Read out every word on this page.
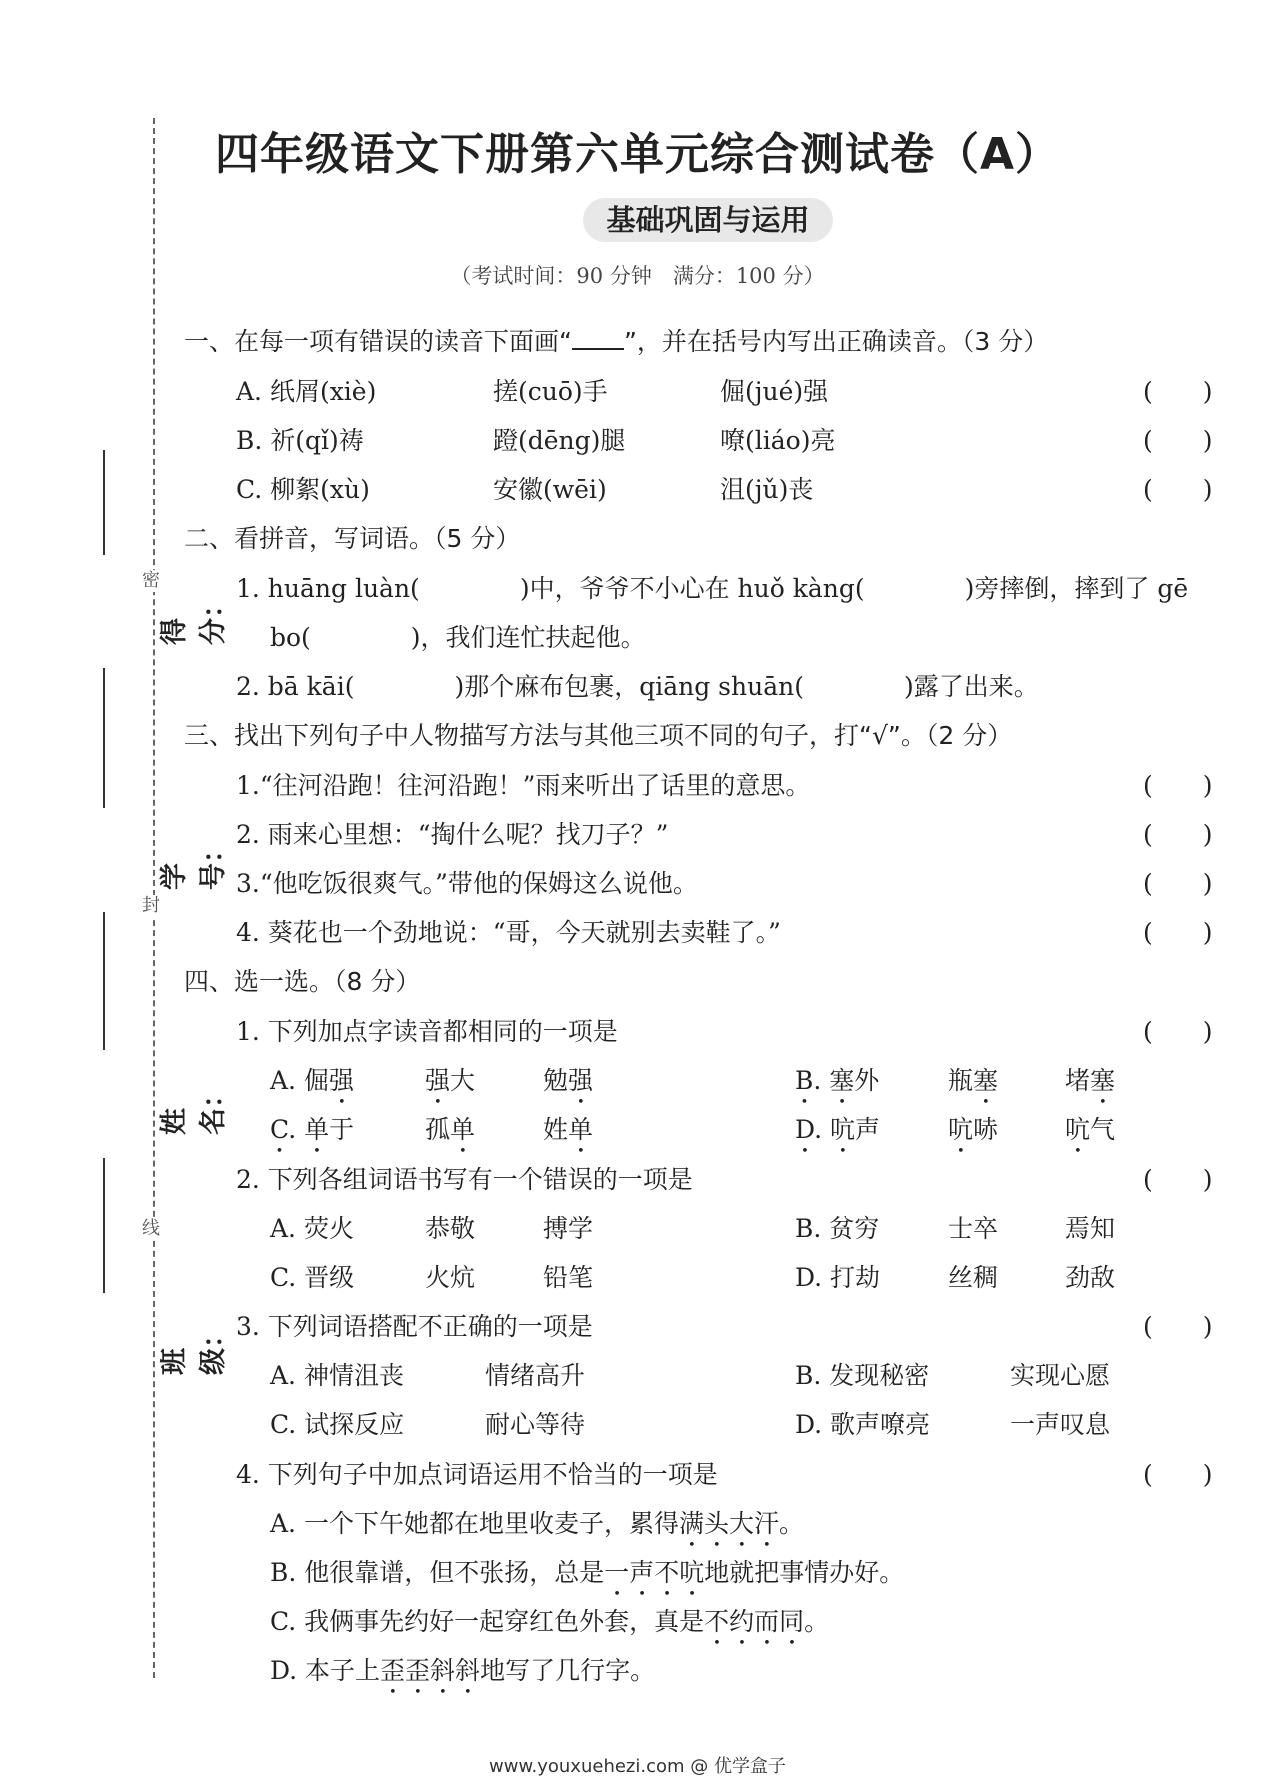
密
封
线
得分：
学号：
姓名：
班级：
四年级语文下册第六单元综合测试卷（A）
基础巩固与运用
（考试时间：90 分钟　满分：100 分）
一、在每一项有错误的读音下面画“ ”，并在括号内写出正确读音。（3 分）
A. 纸屑(xiè)	搓(cuō)手	倔(jué)强	(　　)
B. 祈(qǐ)祷	蹬(dēng)腿	嘹(liáo)亮	(　　)
C. 柳絮(xù)	安徽(wēi)	沮(jǔ)丧	(　　)
二、看拼音，写词语。（5 分）
1. huāng luàn(　　　　)中，爷爷不小心在 huǒ kàng(　　　　)旁摔倒，摔到了 gē
bo(　　　　)，我们连忙扶起他。
2. bā kāi(　　　　)那个麻布包裹，qiāng shuān(　　　　)露了出来。
三、找出下列句子中人物描写方法与其他三项不同的句子，打“√”。（2 分）
1.“往河沿跑！往河沿跑！”雨来听出了话里的意思。	(　　)
2. 雨来心里想：“掏什么呢？找刀子？”	(　　)
3.“他吃饭很爽气。”带他的保姆这么说他。	(　　)
4. 葵花也一个劲地说：“哥，今天就别去卖鞋了。”	(　　)
四、选一选。（8 分）
1. 下列加点字读音都相同的一项是	(　　)
A. 倔强	强大	勉强	B. 塞外	瓶塞	堵塞
C. 单于	孤单	姓单	D. 吭声	吭哧	吭气
2. 下列各组词语书写有一个错误的一项是	(　　)
A. 荧火	恭敬	搏学	B. 贫穷	士卒	焉知
C. 晋级	火炕	铅笔	D. 打劫	丝稠	劲敌
3. 下列词语搭配不正确的一项是	(　　)
A. 神情沮丧	情绪高升	B. 发现秘密	实现心愿
C. 试探反应	耐心等待	D. 歌声嘹亮	一声叹息
4. 下列句子中加点词语运用不恰当的一项是	(　　)
A. 一个下午她都在地里收麦子，累得满头大汗。
B. 他很靠谱，但不张扬，总是一声不吭地就把事情办好。
C. 我俩事先约好一起穿红色外套，真是不约而同。
D. 本子上歪歪斜斜地写了几行字。
www.youxuehezi.com @ 优学盒子
